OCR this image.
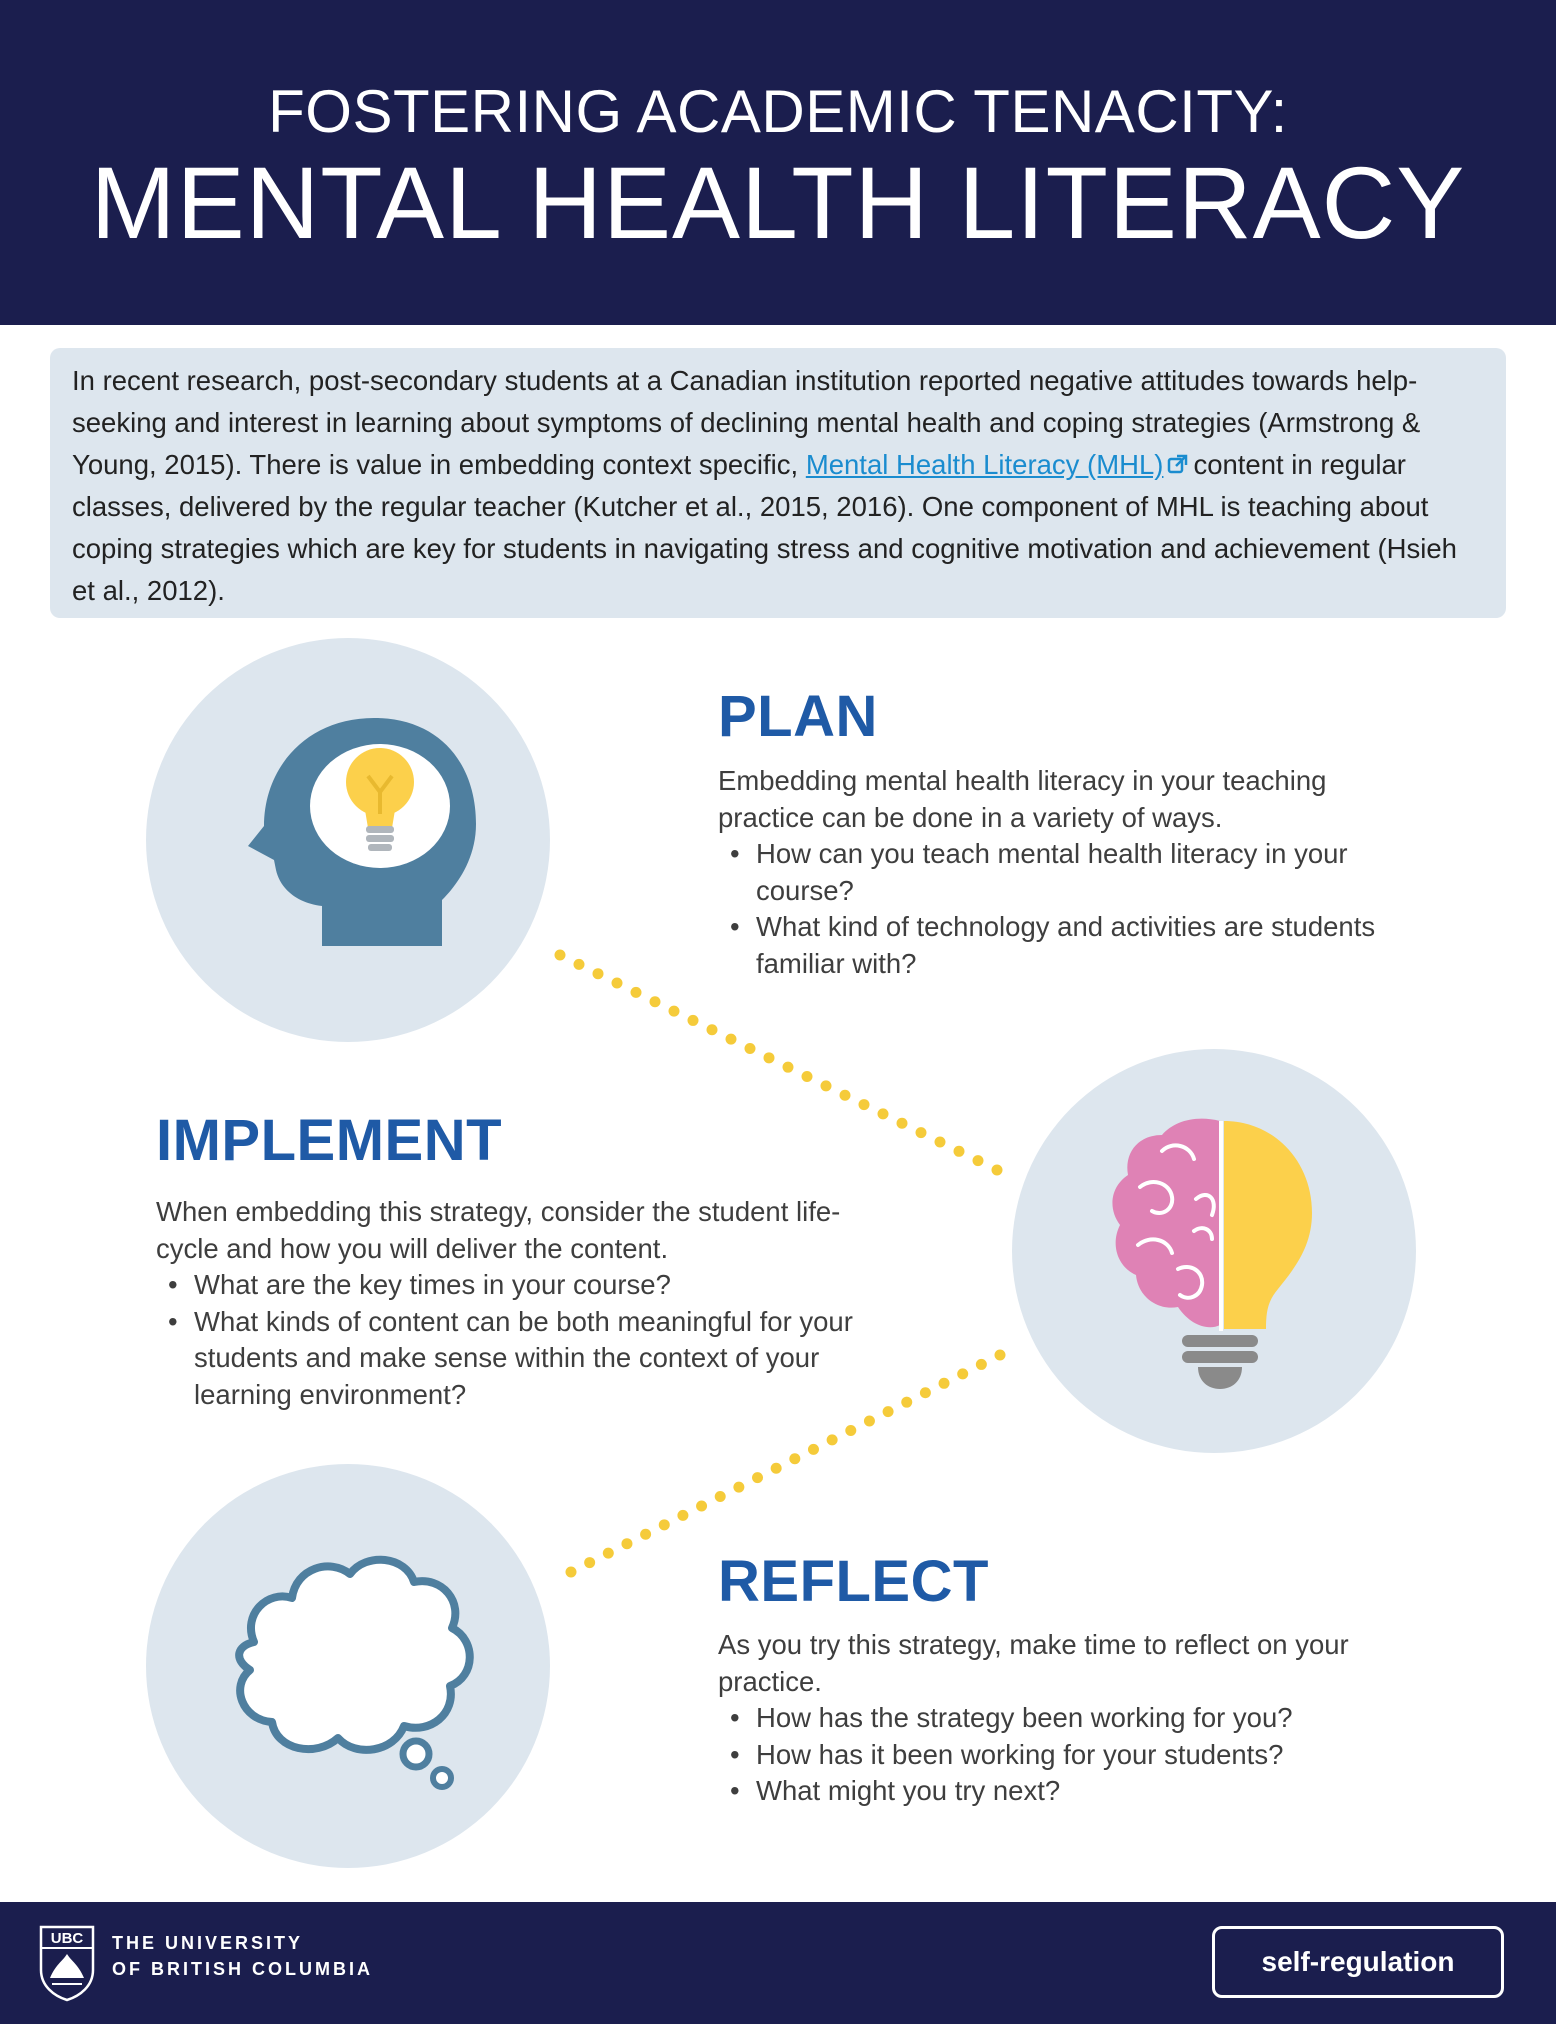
FOSTERING ACADEMIC TENACITY:
MENTAL HEALTH LITERACY
In recent research, post-secondary students at a Canadian institution reported negative attitudes towards help-seeking and interest in learning about symptoms of declining mental health and coping strategies (Armstrong & Young, 2015). There is value in embedding context specific, Mental Health Literacy (MHL) content in regular classes, delivered by the regular teacher (Kutcher et al., 2015, 2016). One component of MHL is teaching about coping strategies which are key for students in navigating stress and cognitive motivation and achievement (Hsieh et al., 2012).
PLAN
Embedding mental health literacy in your teaching practice can be done in a variety of ways.
• How can you teach mental health literacy in your course?
• What kind of technology and activities are students familiar with?
IMPLEMENT
When embedding this strategy, consider the student life-cycle and how you will deliver the content.
• What are the key times in your course?
• What kinds of content can be both meaningful for your students and make sense within the context of your learning environment?
REFLECT
As you try this strategy, make time to reflect on your practice.
• How has the strategy been working for you?
• How has it been working for your students?
• What might you try next?
UBC THE UNIVERSITY
OF BRITISH COLUMBIA	self-regulation
